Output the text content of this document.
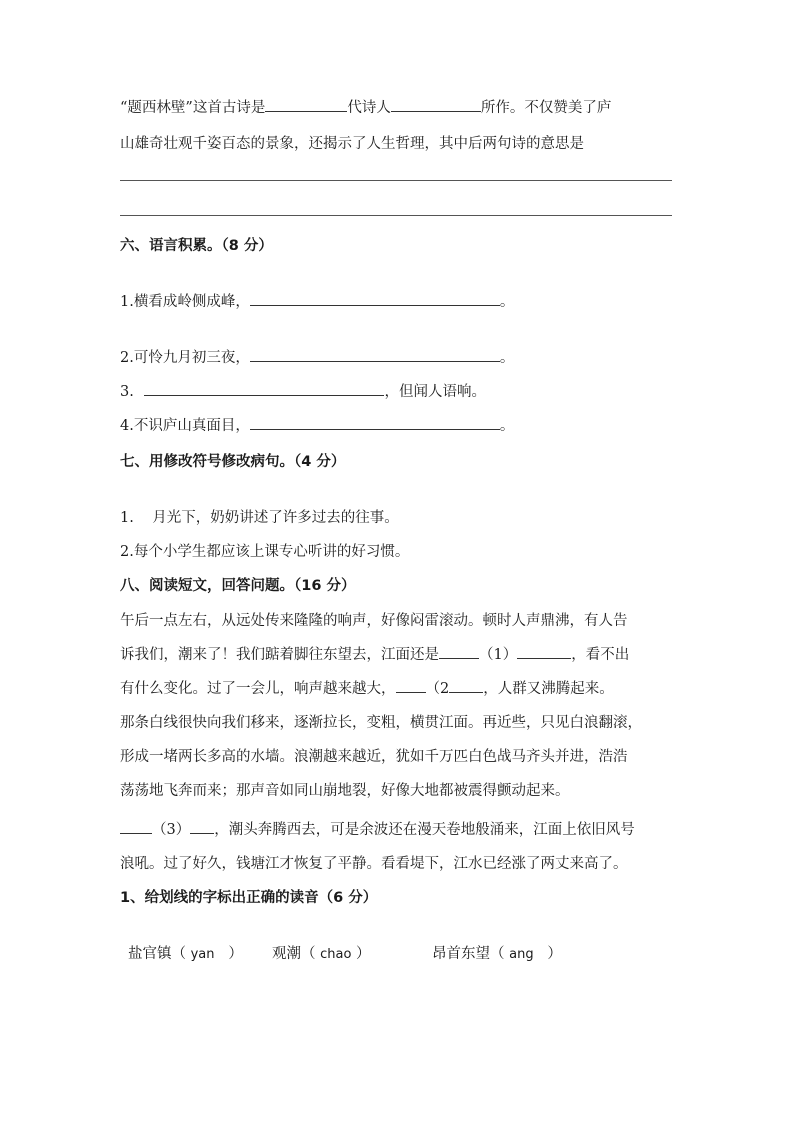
“题西林壁”这首古诗是	代诗人	所作。不仅赞美了庐
山雄奇壮观千姿百态的景象，还揭示了人生哲理，其中后两句诗的意思是
六、语言积累。（8 分）
1.横看成岭侧成峰，	。
2.可怜九月初三夜，	。
3.	，但闻人语响。
4.不识庐山真面目，	。
七、用修改符号修改病句。（4 分）
1.    月光下，奶奶讲述了许多过去的往事。
2.每个小学生都应该上课专心听讲的好习惯。
八、阅读短文，回答问题。（16 分）
午后一点左右，从远处传来隆隆的响声，好像闷雷滚动。顿时人声鼎沸，有人告
诉我们，潮来了！我们踮着脚往东望去，江面还是	（1）	，看不出
有什么变化。过了一会儿，响声越来越大， （2 ，人群又沸腾起来。
那条白线很快向我们移来，逐渐拉长，变粗，横贯江面。再近些，只见白浪翻滚，
形成一堵两长多高的水墙。浪潮越来越近，犹如千万匹白色战马齐头并进，浩浩
荡荡地飞奔而来；那声音如同山崩地裂，好像大地都被震得颤动起来。
（3） ，潮头奔腾西去，可是余波还在漫天卷地般涌来，江面上依旧风号
浪吼。过了好久，钱塘江才恢复了平静。看看堤下，江水已经涨了两丈来高了。
1、给划线的字标出正确的读音（6 分）
盐官镇（ yan ） 观潮（ chao ）	昂首东望（ ang ）
